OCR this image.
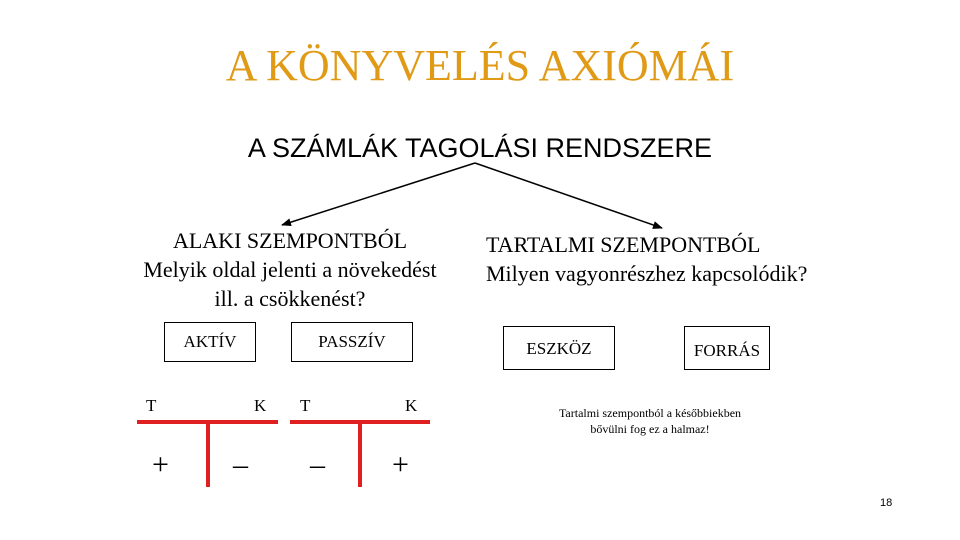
A KÖNYVELÉS AXIÓMÁI
A SZÁMLÁK TAGOLÁSI RENDSZERE
ALAKI SZEMPONTBÓL
Melyik oldal jelenti a növekedést
ill. a csökkenést?
TARTALMI SZEMPONTBÓL
Milyen vagyonrészhez kapcsolódik?
AKTÍV	PASSZÍV	ESZKÖZ	FORRÁS
T	K
+ –
T	K
– +
Tartalmi szempontból a későbbiekben
bővülni fog ez a halmaz!
18
